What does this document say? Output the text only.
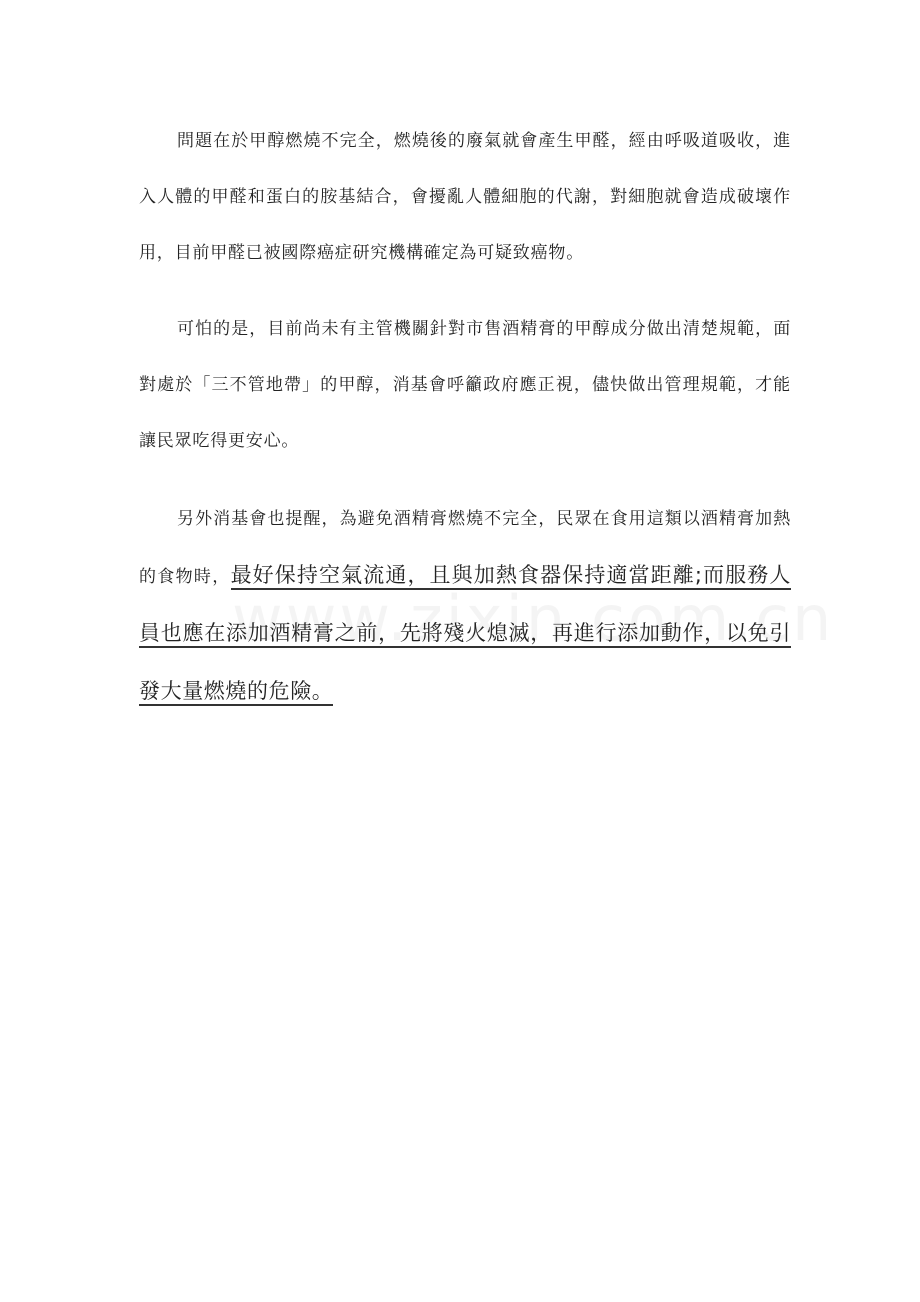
問題在於甲醇燃燒不完全，燃燒後的廢氣就會產生甲醛，經由呼吸道吸收，進入人體的甲醛和蛋白的胺基結合，會擾亂人體細胞的代謝，對細胞就會造成破壞作用，目前甲醛已被國際癌症研究機構確定為可疑致癌物。

可怕的是，目前尚未有主管機關針對市售酒精膏的甲醇成分做出清楚規範，面對處於「三不管地帶」的甲醇，消基會呼籲政府應正視，儘快做出管理規範，才能讓民眾吃得更安心。

另外消基會也提醒，為避免酒精膏燃燒不完全，民眾在食用這類以酒精膏加熱的食物時，最好保持空氣流通，且與加熱食器保持適當距離;而服務人員也應在添加酒精膏之前，先將殘火熄滅，再進行添加動作，以免引發大量燃燒的危險。
